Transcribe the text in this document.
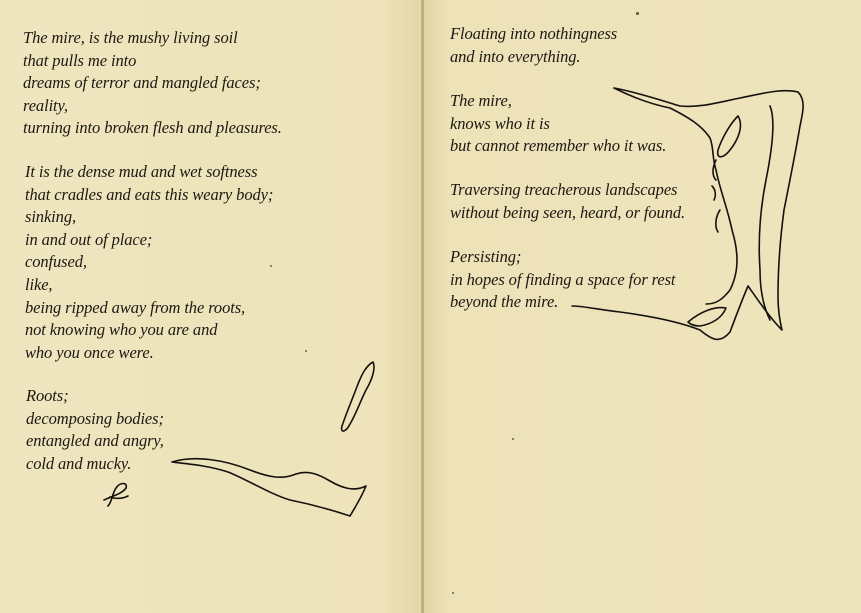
The mire, is the mushy living soil
that pulls me into
dreams of terror and mangled faces;
reality,
turning into broken flesh and pleasures.

It is the dense mud and wet softness
that cradles and eats this weary body;
sinking,
in and out of place;
confused,
like,
being ripped away from the roots,
not knowing who you are and
who you once were.

Roots;
decomposing bodies;
entangled and angry,
cold and mucky.

Floating into nothingness
and into everything.

The mire,
knows who it is
but cannot remember who it was.

Traversing treacherous landscapes
without being seen, heard, or found.

Persisting;
in hopes of finding a space for rest
beyond the mire.
